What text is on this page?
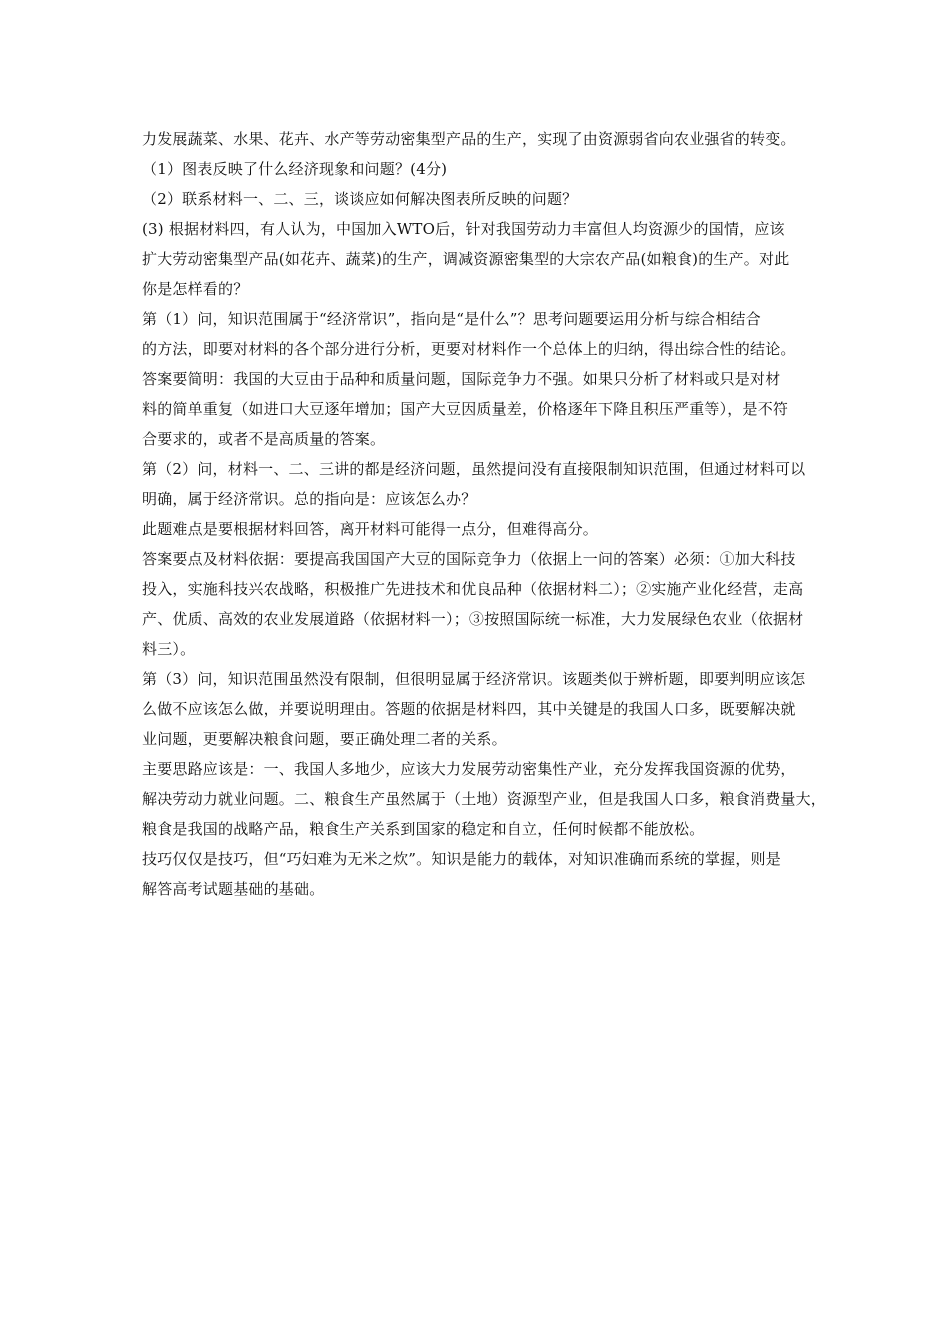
力发展蔬菜、水果、花卉、水产等劳动密集型产品的生产，实现了由资源弱省向农业强省的转变。
（1）图表反映了什么经济现象和问题？(4分)
（2）联系材料一、二、三，谈谈应如何解决图表所反映的问题？
(3) 根据材料四，有人认为，中国加入WTO后，针对我国劳动力丰富但人均资源少的国情，应该
扩大劳动密集型产品(如花卉、蔬菜)的生产，调减资源密集型的大宗农产品(如粮食)的生产。对此
你是怎样看的？
第（1）问，知识范围属于“经济常识”，指向是“是什么”？思考问题要运用分析与综合相结合
的方法，即要对材料的各个部分进行分析，更要对材料作一个总体上的归纳，得出综合性的结论。
答案要简明：我国的大豆由于品种和质量问题，国际竞争力不强。如果只分析了材料或只是对材
料的简单重复（如进口大豆逐年增加；国产大豆因质量差，价格逐年下降且积压严重等），是不符
合要求的，或者不是高质量的答案。
第（2）问，材料一、二、三讲的都是经济问题，虽然提问没有直接限制知识范围，但通过材料可以
明确，属于经济常识。总的指向是：应该怎么办？
此题难点是要根据材料回答，离开材料可能得一点分，但难得高分。
答案要点及材料依据：要提高我国国产大豆的国际竞争力（依据上一问的答案）必须：①加大科技
投入，实施科技兴农战略，积极推广先进技术和优良品种（依据材料二）；②实施产业化经营，走高
产、优质、高效的农业发展道路（依据材料一）；③按照国际统一标准，大力发展绿色农业（依据材
料三）。
第（3）问，知识范围虽然没有限制，但很明显属于经济常识。该题类似于辨析题，即要判明应该怎
么做不应该怎么做，并要说明理由。答题的依据是材料四，其中关键是的我国人口多，既要解决就
业问题，更要解决粮食问题，要正确处理二者的关系。
主要思路应该是：一、我国人多地少，应该大力发展劳动密集性产业，充分发挥我国资源的优势，
解决劳动力就业问题。二、粮食生产虽然属于（土地）资源型产业，但是我国人口多，粮食消费量大，
粮食是我国的战略产品，粮食生产关系到国家的稳定和自立，任何时候都不能放松。
技巧仅仅是技巧，但“巧妇难为无米之炊”。知识是能力的载体，对知识准确而系统的掌握，则是
解答高考试题基础的基础。
